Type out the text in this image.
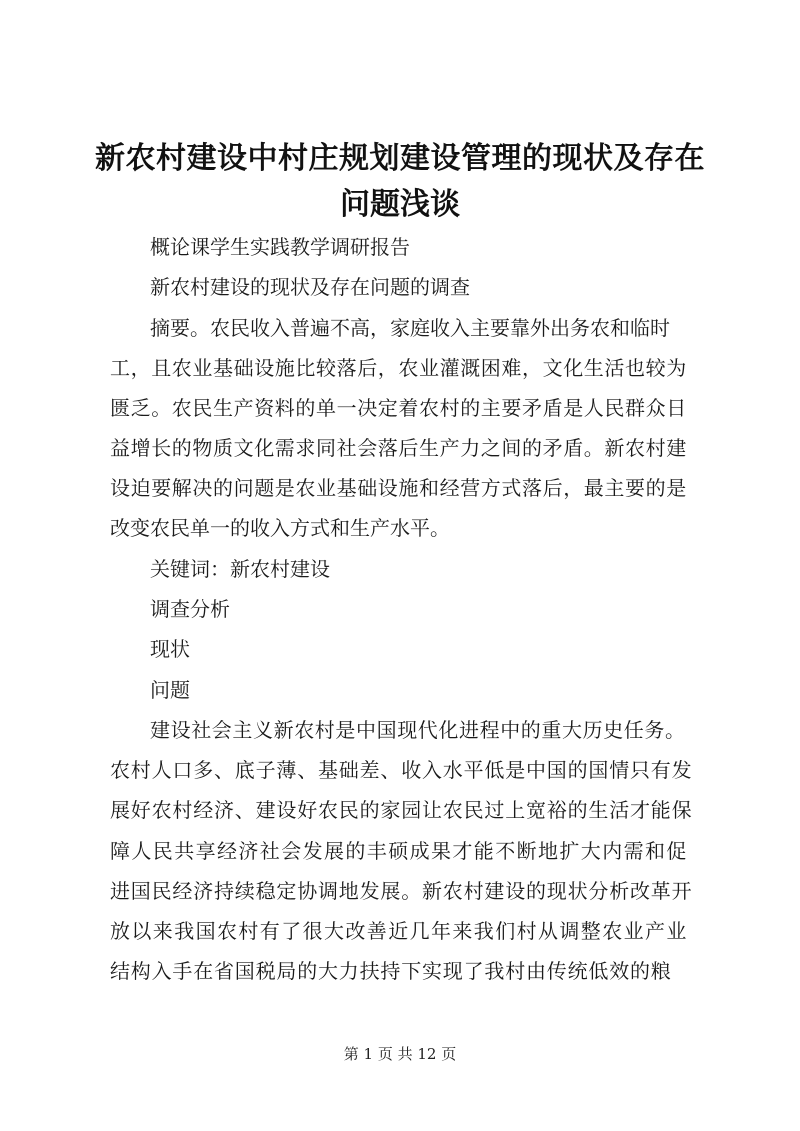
新农村建设中村庄规划建设管理的现状及存在
问题浅谈

概论课学生实践教学调研报告

新农村建设的现状及存在问题的调查

摘要。农民收入普遍不高，家庭收入主要靠外出务农和临时

工，且农业基础设施比较落后，农业灌溉困难，文化生活也较为

匮乏。农民生产资料的单一决定着农村的主要矛盾是人民群众日

益增长的物质文化需求同社会落后生产力之间的矛盾。新农村建

设迫要解决的问题是农业基础设施和经营方式落后，最主要的是

改变农民单一的收入方式和生产水平。

关键词：新农村建设

调查分析

现状

问题

建设社会主义新农村是中国现代化进程中的重大历史任务。

农村人口多、底子薄、基础差、收入水平低是中国的国情只有发

展好农村经济、建设好农民的家园让农民过上宽裕的生活才能保

障人民共享经济社会发展的丰硕成果才能不断地扩大内需和促

进国民经济持续稳定协调地发展。新农村建设的现状分析改革开

放以来我国农村有了很大改善近几年来我们村从调整农业产业

结构入手在省国税局的大力扶持下实现了我村由传统低效的粮

第 1 页 共 12 页
